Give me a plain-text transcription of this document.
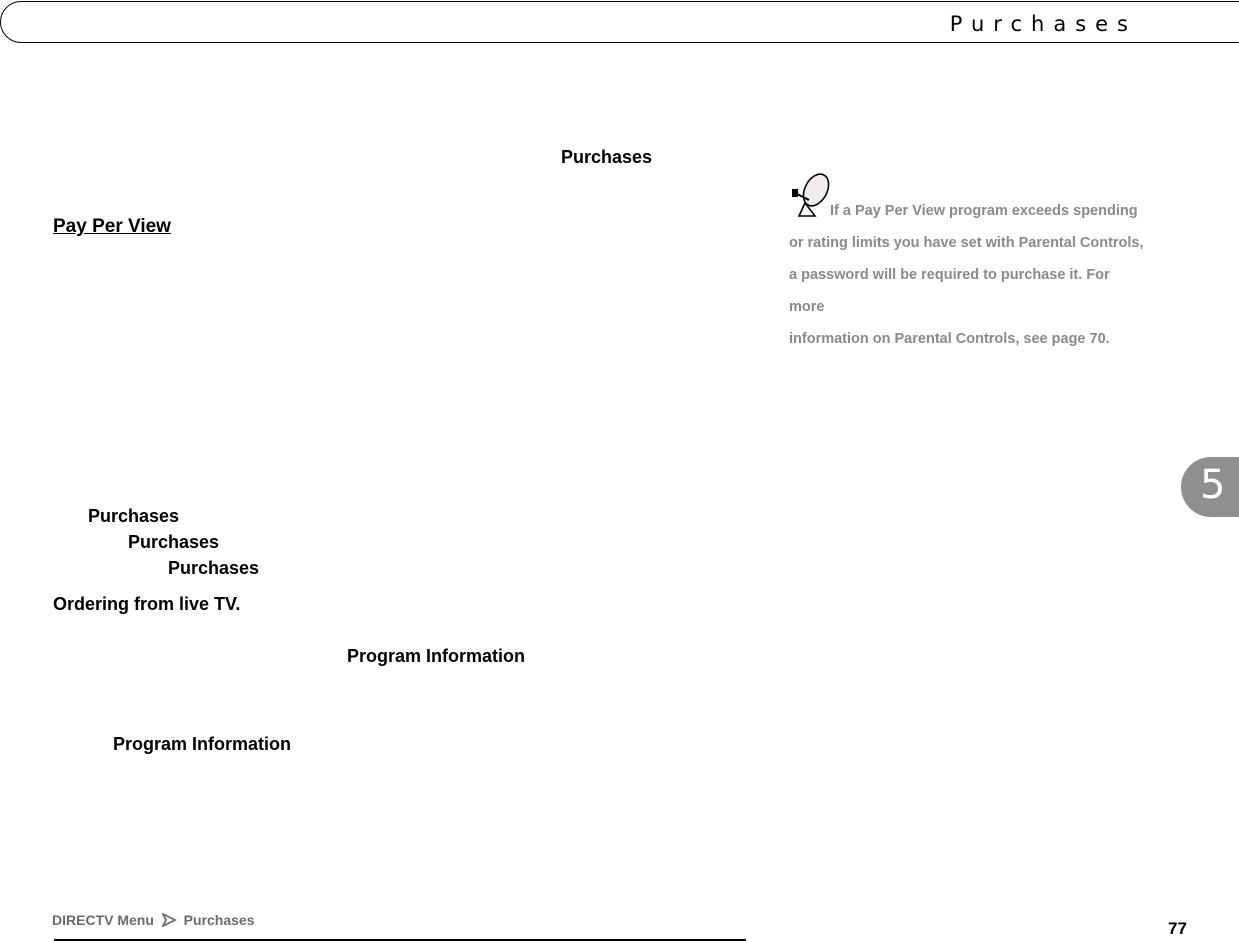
Purchases
Purchases
Pay Per View
If a Pay Per View program exceeds spending
or rating limits you have set with Parental Controls,
a password will be required to purchase it. For more
information on Parental Controls, see page 70.
Purchases
Purchases
Purchases
Ordering from live TV.
Program Information
Program Information
5
DIRECTV Menu Purchases	77
